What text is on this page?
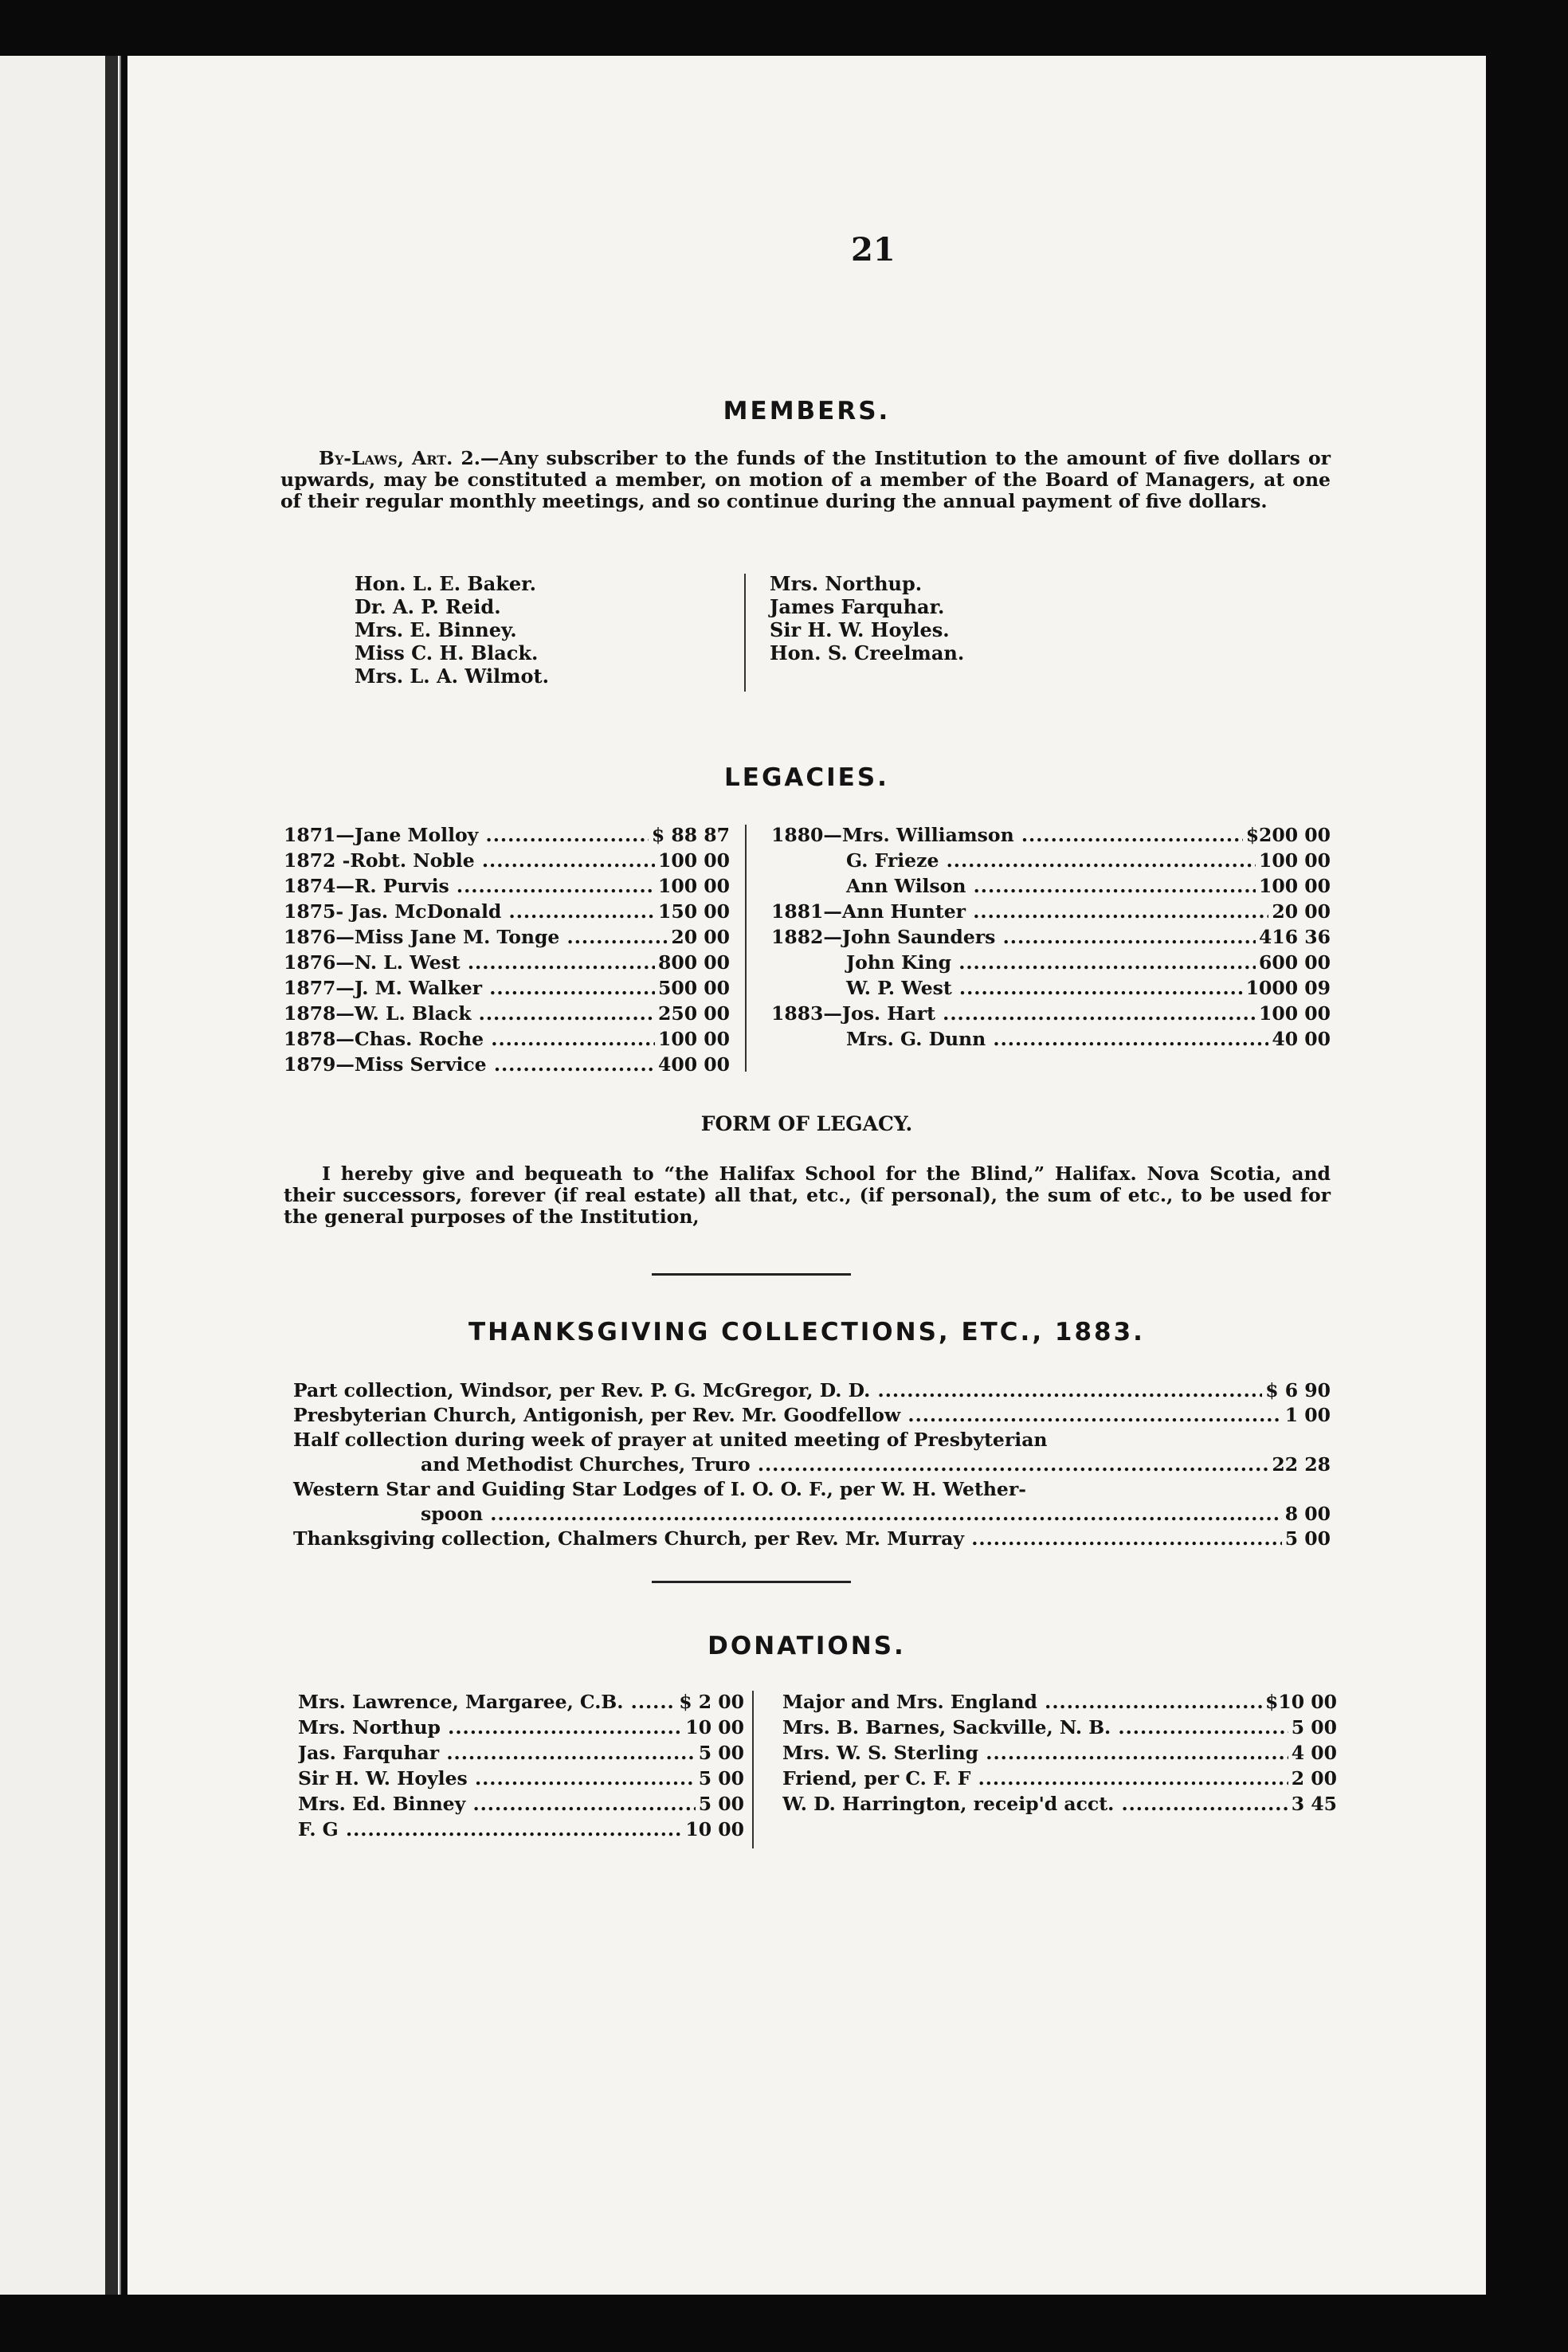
21
MEMBERS.
By-Laws, Art. 2.—Any subscriber to the funds of the Institution to the amount of five dollars or upwards, may be constituted a member, on motion of a member of the Board of Managers, at one of their regular monthly meetings, and so continue during the annual payment of five dollars.
Hon. L. E. Baker.
Dr. A. P. Reid.
Mrs. E. Binney.
Miss C. H. Black.
Mrs. L. A. Wilmot.
Mrs. Northup.
James Farquhar.
Sir H. W. Hoyles.
Hon. S. Creelman.
LEGACIES.
1871—Jane Molloy .....	$ 88 87
1872 -Robt. Noble .....	100 00
1874—R. Purvis .....	100 00
1875- Jas. McDonald .....	150 00
1876—Miss Jane M. Tonge .....	20 00
1876—N. L. West .....	800 00
1877—J. M. Walker .....	500 00
1878—W. L. Black .....	250 00
1878—Chas. Roche .....	100 00
1879—Miss Service .....	400 00
1880—Mrs. Williamson .....	$200 00
G. Frieze .....	100 00
Ann Wilson .....	100 00
1881—Ann Hunter .....	20 00
1882—John Saunders .....	416 36
John King .....	600 00
W. P. West .....	1000 09
1883—Jos. Hart .....	100 00
Mrs. G. Dunn .....	40 00
FORM OF LEGACY.
I hereby give and bequeath to “the Halifax School for the Blind,” Halifax. Nova Scotia, and their successors, forever (if real estate) all that, etc., (if personal), the sum of etc., to be used for the general purposes of the Institution,
THANKSGIVING COLLECTIONS, ETC., 1883.
Part collection, Windsor, per Rev. P. G. McGregor, D. D. .....	$ 6 90
Presbyterian Church, Antigonish, per Rev. Mr. Goodfellow .....	1 00
Half collection during week of prayer at united meeting of Presbyterian
and Methodist Churches, Truro .....	22 28
Western Star and Guiding Star Lodges of I. O. O. F., per W. H. Wether-
spoon .....	8 00
Thanksgiving collection, Chalmers Church, per Rev. Mr. Murray .....	5 00
DONATIONS.
Mrs. Lawrence, Margaree, C.B. .....	$ 2 00
Mrs. Northup .....	10 00
Jas. Farquhar .....	5 00
Sir H. W. Hoyles .....	5 00
Mrs. Ed. Binney .....	5 00
F. G .....	10 00
Major and Mrs. England .....	$10 00
Mrs. B. Barnes, Sackville, N. B. .....	5 00
Mrs. W. S. Sterling .....	4 00
Friend, per C. F. F .....	2 00
W. D. Harrington, receip'd acct. .....	3 45
